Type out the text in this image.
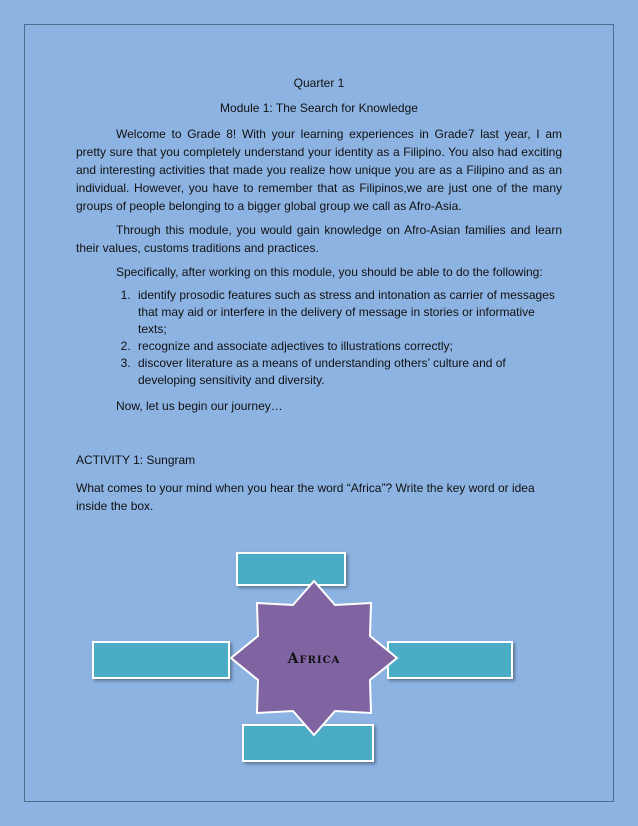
Quarter 1

Module 1: The Search for Knowledge

Welcome to Grade 8! With your learning experiences in Grade7 last year, I am pretty sure that you completely understand your identity as a Filipino. You also had exciting and interesting activities that made you realize how unique you are as a Filipino and as an individual. However, you have to remember that as Filipinos,we are just one of the many groups of people belonging to a bigger global group we call as Afro-Asia.

Through this module, you would gain knowledge on Afro-Asian families and learn their values, customs traditions and practices.

Specifically, after working on this module, you should be able to do the following:

1. identify prosodic features such as stress and intonation as carrier of messages that may aid or interfere in the delivery of message in stories or informative texts;
2. recognize and associate adjectives to illustrations correctly;
3. discover literature as a means of understanding others’ culture and of developing sensitivity and diversity.

Now, let us begin our journey…

ACTIVITY 1: Sungram

What comes to your mind when you hear the word “Africa”? Write the key word or idea inside the box.

Africa
